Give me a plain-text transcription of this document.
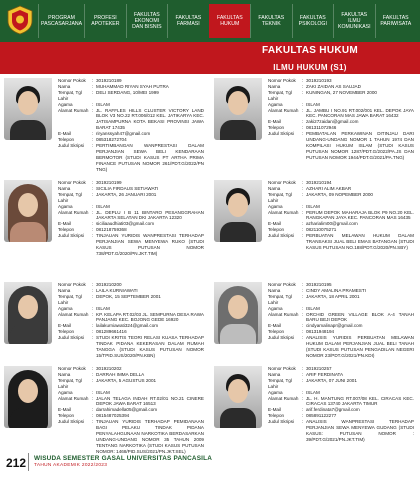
PROGRAM PASCASARJANA
PROFESI APOTEKER
FAKULTAS EKONOMI DAN BISNIS
FAKULTAS FARMASI
FAKULTAS HUKUM
FAKULTAS TEKNIK
FAKULTAS PSIKOLOGI
FAKULTAS ILMU KOMUNIKASI
FAKULTAS PARIWISATA
FAKULTAS HUKUM
ILMU HUKUM (S1)
Nomor Pokok	: 3019210189
Nama	: MUHAMMAD RIYAN SYAH PUTRA
Tempat, Tgl Lahir
: DELI SERDANG, 10/MEI 1999
Agama	: ISLAM
Alamat Rumah : JL. RAFFLES HILLS CLUSTER VICTORY LAND BLOK V3 NO.22 RT.006/012 KEL. JATIKARYA KEC. JATISAMPURNA KOTA BEKASI PROVINSI JAWA BARAT 17435
E-Mail	: riryanssyah47@gmail.com
Telepon	: 085318272704
Judul Skripsi	: PERTIMBANGAN WANPRESTASI DALAM PERJANJIAN SEWA BELI KENDARAAN BERMOTOR (STUDI KASUS PT ARTHA PRIMA FINANCE PUTUSAN NOMOR 261/PDT.G/2022/PN TNG)
Nomor Pokok	: 3019210193
Nama	: ZAKI ZAIDAN AS SAUJAD
Tempat, Tgl Lahir
: KUNINGAN, 27 NOVEMBER 2000
Agama	: ISLAM
Alamat Rumah : JL. JAMBU I NO.91 RT.002/001 KEL. DEPOK JAYA KEC. PANCORAN MAS JAWA BARAT 16432
E-Mail	: zaki27zaidan@gmail.com
Telepon	: 081311072946
Judul Skripsi	: PEMBATALAN PERKAWINAN DITINJAU DARI UNDANG-UNDANG NOMOR 1 TAHUN 1974 DAN KOMPILASI HUKUM ISLAM (STUDI KASUS PUTUSAN NOMOR 1287/PDT.G/2022/PA.JS DAN PUTUSAN NOMOR 1944/PDT.G/2021/PA.TNG)
Nomor Pokok	: 3019210199
Nama	: SICILIA FIRDAUS SETIAWATI
Tempat, Tgl Lahir
: JAKARTA, 26 JANUARI 2001
Agama	: ISLAM
Alamat Rumah : JL. DEPLU I B 11 BINTARO PESANGGRAHAN JAKARTA SELATAN DKI JAKARTA 12320
E-Mail	: siciliaaudhiati03@gmail.com
Telepon	: 081218759368
Judul Skripsi	: TINJAUAN YURIDIS WANPRESTASI TERHADAP PERJANJIAN SEWA MENYEWA RUKO (STUDI KASUS PUTUSAN NOMOR 738/PDT.G/2020/PN.JKT.TIM)
Nomor Pokok	: 3019210194
Nama	: AZHARI ALIM AKBAR
Tempat, Tgl Lahir
: JAKARTA, 09 NOPEMBER 2000
Agama	: ISLAM
Alamat Rumah : PERUM DEPOK MAHARAJA BLOK P9 NO.20 KEL. RANGKAPAN JAYA KEC. PANCORAN MAS 16435
E-Mail	: azharialim00@gmail.com
Telepon	: 082110075271
Judul Skripsi	: PERBUATAN MELAWAN HUKUM DALAM TRANSAKSI JUAL BELI EMAS BATANGAN (STUDI KASUS PUTUSAN NO.188/PDT.G/2020/PN.SBY)
Nomor Pokok	: 3019210200
Nama	: LAILA KURNIAWATI
Tempat, Tgl Lahir
: DEPOK, 15 SEPTEMBER 2001
Agama	: ISLAM
Alamat Rumah : KP. KELAPA RT.02/03 JL. SEMPURNA DESA RAWA PANJANG KEC. BOJONG GEDE 16920
E-Mail	: lailakurniawati324@gmail.com
Telepon	: 081289661416
Judul Skripsi	: STUDI KRITIS TEORI RELASI KUASA TERHADAP TINDAK PIDANA KEKERASAN DALAM RUMAH TANGGA (STUDI KASUS PUTUSAN NOMOR 15/TPID.SUS/2020/PN.KBN)
Nomor Pokok	: 3019210195
Nama	: CINDY AMALINA PRAMESTI
Tempat, Tgl Lahir
: JAKARTA, 18 APRIL 2001
Agama	: ISLAM
Alamat Rumah : ORCHID GREEN VILLAGE BLOK A-4 TANAH BARU BEJI DEPOK
E-Mail	: cindyamalinapr@gmail.com
Telepon	: 08131948194
Judul Skripsi	: ANALISIS YURIDIS PERBUATAN MELAWAN HUKUM DALAM PERJANJIAN JUAL BELI TANAH (STUDI KASUS PUTUSAN PENGADILAN NEGERI NOMOR 23/PDT.G/2021/PN.KDI)
Nomor Pokok	: 3019210202
Nama	: DARRAH IMMA DELLA
Tempat, Tgl Lahir
: JAKARTA, 5 AGUSTUS 2001
Agama	: ISLAM
Alamat Rumah : JALAN TELAGA INDAH RT.02/01 NO.21 CINERE DEPOK JAWA BARAT 16513
E-Mail	: darrahimadella05@gmail.com
Telepon	: 0815487025394
Judul Skripsi	: TINJAUAN YURIDIS TERHADAP PEMIDANAAN BAGI PELAKU TINDAK PIDANA PENYALAHGUNAAN NARKOTIKA BERDASARKAN UNDANG-UNDANG NOMOR 35 TAHUN 2009 TENTANG NARKOTIKA (STUDI KASUS PUTUSAN NOMOR: 1468/PID.SUS/2021/PN.JKT.SEL)
Nomor Pokok	: 3019210257
Nama	: ARIF FERDINATA
Tempat, Tgl Lahir
: JAKARTA, 07 JUNI 2001
Agama	: ISLAM
Alamat Rumah : JL. H. MANTUNG RT.007/08 KEL. CIRACAS KEC. CIRACAS 13740 JAKARTA TIMUR
E-Mail	: arif.ferdinata7@gmail.com
Telepon	: 085891122277
Judul Skripsi	: ANALISIS WANPRESTASI TERHADAP PERJANJIAN SEWA MENYEWA GUDANG (STUDI KASUS: PUTUSAN NOMOR : 39/PDT.G/2021/PN.JKT.TIM)
212 WISUDA SEMESTER GASAL UNIVERSITAS PANCASILA
TAHUN AKADEMIK 2022/2023
